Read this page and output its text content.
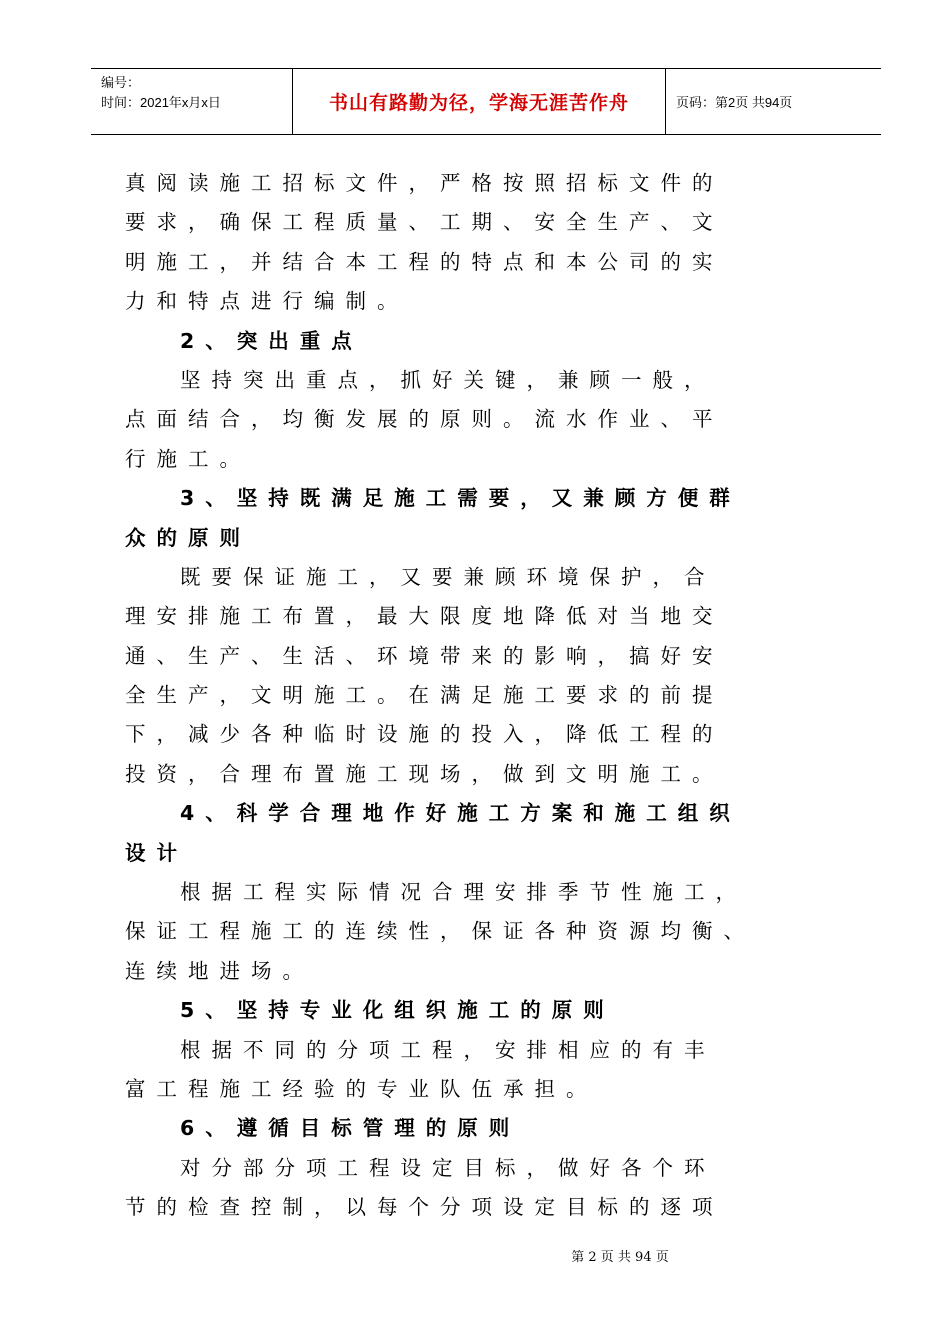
编号：
时间：2021年x月x日	书山有路勤为径，学海无涯苦作舟	页码：第2页 共94页

真阅读施工招标文件，严格按照招标文件的

要求，确保工程质量、工期、安全生产、文

明施工，并结合本工程的特点和本公司的实

力和特点进行编制。

2、突出重点

坚持突出重点，抓好关键，兼顾一般，

点面结合，均衡发展的原则。流水作业、平

行施工。

3、坚持既满足施工需要，又兼顾方便群

众的原则

既要保证施工，又要兼顾环境保护，合

理安排施工布置，最大限度地降低对当地交

通、生产、生活、环境带来的影响，搞好安

全生产，文明施工。在满足施工要求的前提

下，减少各种临时设施的投入，降低工程的

投资，合理布置施工现场，做到文明施工。

4、科学合理地作好施工方案和施工组织

设计

根据工程实际情况合理安排季节性施工，

保证工程施工的连续性，保证各种资源均衡、

连续地进场。

5、坚持专业化组织施工的原则

根据不同的分项工程，安排相应的有丰

富工程施工经验的专业队伍承担。

6、遵循目标管理的原则

对分部分项工程设定目标，做好各个环

节的检查控制，以每个分项设定目标的逐项

第 2 页 共 94 页
